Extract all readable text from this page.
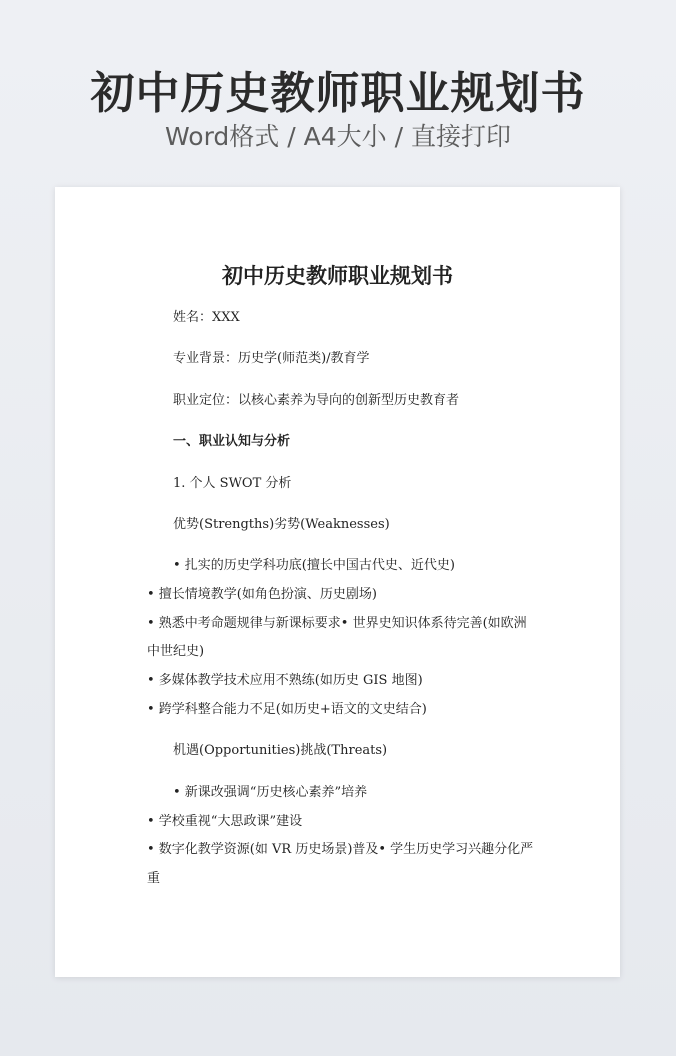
初中历史教师职业规划书
Word格式 / A4大小 / 直接打印
初中历史教师职业规划书
姓名：XXX
专业背景：历史学(师范类)/教育学
职业定位：以核心素养为导向的创新型历史教育者
一、职业认知与分析
1. 个人 SWOT 分析
优势(Strengths)劣势(Weaknesses)
• 扎实的历史学科功底(擅长中国古代史、近代史)
• 擅长情境教学(如角色扮演、历史剧场)
• 熟悉中考命题规律与新课标要求• 世界史知识体系待完善(如欧洲
中世纪史)
• 多媒体教学技术应用不熟练(如历史 GIS 地图)
• 跨学科整合能力不足(如历史+语文的文史结合)
机遇(Opportunities)挑战(Threats)
• 新课改强调“历史核心素养”培养
• 学校重视“大思政课”建设
• 数字化教学资源(如 VR 历史场景)普及• 学生历史学习兴趣分化严
重
